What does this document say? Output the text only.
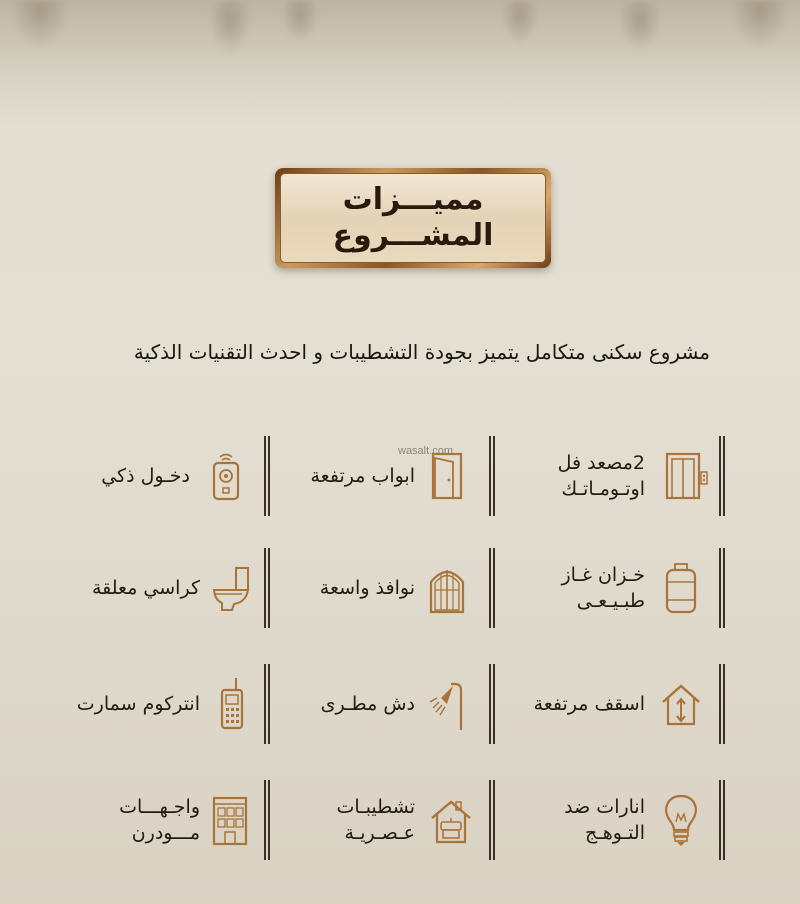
مميـــزات
المشـــروع
مشروع سكنى متكامل يتميز بجودة التشطيبات و احدث التقنيات الذكية
wasalt.com
2مصعد فل
اوتـومـاتـك
ابواب مرتفعة
دخـول ذكي
خـزان غـاز
طبـيـعـى
نوافذ واسعة
كراسي معلقة
اسقف مرتفعة
دش مطـرى
انتركوم سمارت
انارات ضد
التـوهـج
تشطيبـات
عـصـريـة
واجـهـــات
مـــودرن
